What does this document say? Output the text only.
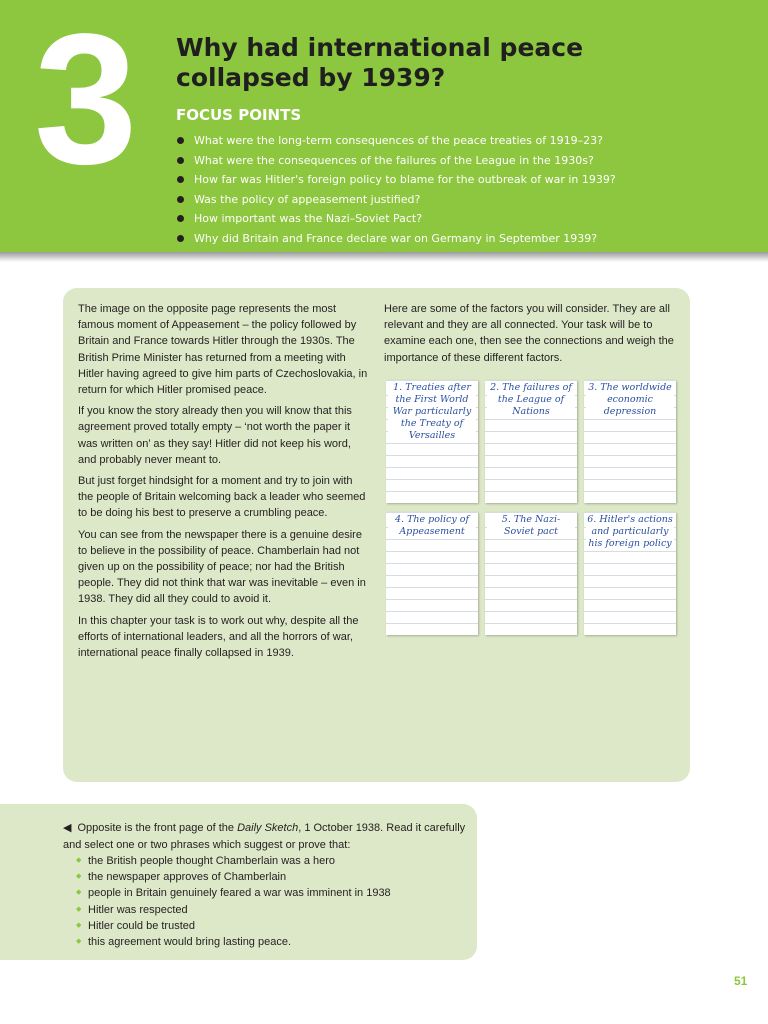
3	Why had international peace collapsed by 1939?
FOCUS POINTS
What were the long-term consequences of the peace treaties of 1919–23?
What were the consequences of the failures of the League in the 1930s?
How far was Hitler's foreign policy to blame for the outbreak of war in 1939?
Was the policy of appeasement justified?
How important was the Nazi–Soviet Pact?
Why did Britain and France declare war on Germany in September 1939?

The image on the opposite page represents the most famous moment of Appeasement – the policy followed by Britain and France towards Hitler through the 1930s. The British Prime Minister has returned from a meeting with Hitler having agreed to give him parts of Czechoslovakia, in return for which Hitler promised peace.

If you know the story already then you will know that this agreement proved totally empty – ‘not worth the paper it was written on’ as they say! Hitler did not keep his word, and probably never meant to.

But just forget hindsight for a moment and try to join with the people of Britain welcoming back a leader who seemed to be doing his best to preserve a crumbling peace.

You can see from the newspaper there is a genuine desire to believe in the possibility of peace. Chamberlain had not given up on the possibility of peace; nor had the British people. They did not think that war was inevitable – even in 1938. They did all they could to avoid it.

In this chapter your task is to work out why, despite all the efforts of international leaders, and all the horrors of war, international peace finally collapsed in 1939.

Here are some of the factors you will consider. They are all relevant and they are all connected. Your task will be to examine each one, then see the connections and weigh the importance of these different factors.

1. Treaties after the First World War particularly the Treaty of Versailles
2. The failures of the League of Nations
3. The worldwide economic depression
4. The policy of Appeasement
5. The Nazi-Soviet pact
6. Hitler's actions and particularly his foreign policy

◀ Opposite is the front page of the Daily Sketch, 1 October 1938. Read it carefully and select one or two phrases which suggest or prove that:

◆ the British people thought Chamberlain was a hero
◆ the newspaper approves of Chamberlain
◆ people in Britain genuinely feared a war was imminent in 1938
◆ Hitler was respected
◆ Hitler could be trusted
◆ this agreement would bring lasting peace.
51
